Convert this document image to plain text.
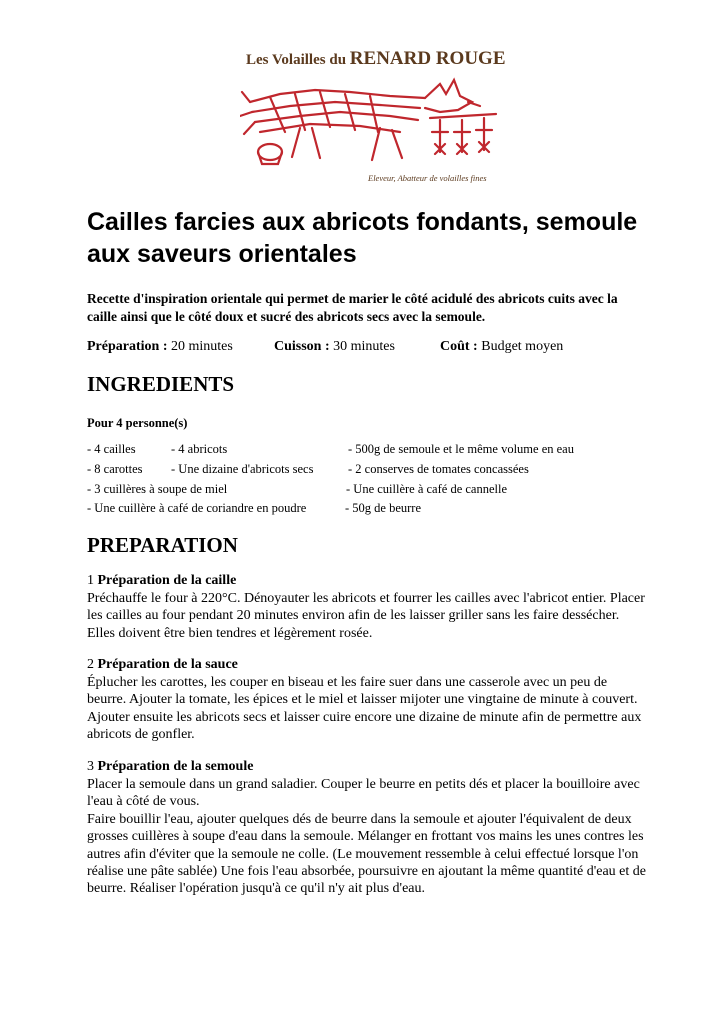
Les Volailles du RENARD ROUGE
Eleveur, Abatteur de volailles fines
Cailles farcies aux abricots fondants, semoule aux saveurs orientales

Recette d'inspiration orientale qui permet de marier le côté acidulé des abricots cuits avec la caille ainsi que le côté doux et sucré des abricots secs avec la semoule.

Préparation : 20 minutes	Cuisson : 30 minutes	Coût : Budget moyen
INGREDIENTS
Pour 4 personne(s)
- 4 cailles	- 4 abricots	- 500g de semoule et le même volume en eau
- 8 carottes - Une dizaine d'abricots secs	- 2 conserves de tomates concassées
- 3 cuillères à soupe de miel	- Une cuillère à café de cannelle
- Une cuillère à café de coriandre en poudre	- 50g de beurre
PREPARATION
1 Préparation de la caille

Préchauffe le four à 220°C. Dénoyauter les abricots et fourrer les cailles avec l'abricot entier. Placer les cailles au four pendant 20 minutes environ afin de les laisser griller sans les faire dessécher. Elles doivent être bien tendres et légèrement rosée.

2 Préparation de la sauce

Éplucher les carottes, les couper en biseau et les faire suer dans une casserole avec un peu de beurre. Ajouter la tomate, les épices et le miel et laisser mijoter une vingtaine de minute à couvert. Ajouter ensuite les abricots secs et laisser cuire encore une dizaine de minute afin de permettre aux abricots de gonfler.

3 Préparation de la semoule

Placer la semoule dans un grand saladier. Couper le beurre en petits dés et placer la bouilloire avec l'eau à côté de vous.

Faire bouillir l'eau, ajouter quelques dés de beurre dans la semoule et ajouter l'équivalent de deux grosses cuillères à soupe d'eau dans la semoule. Mélanger en frottant vos mains les unes contres les autres afin d'éviter que la semoule ne colle. (Le mouvement ressemble à celui effectué lorsque l'on réalise une pâte sablée) Une fois l'eau absorbée, poursuivre en ajoutant la même quantité d'eau et de beurre. Réaliser l'opération jusqu'à ce qu'il n'y ait plus d'eau.
